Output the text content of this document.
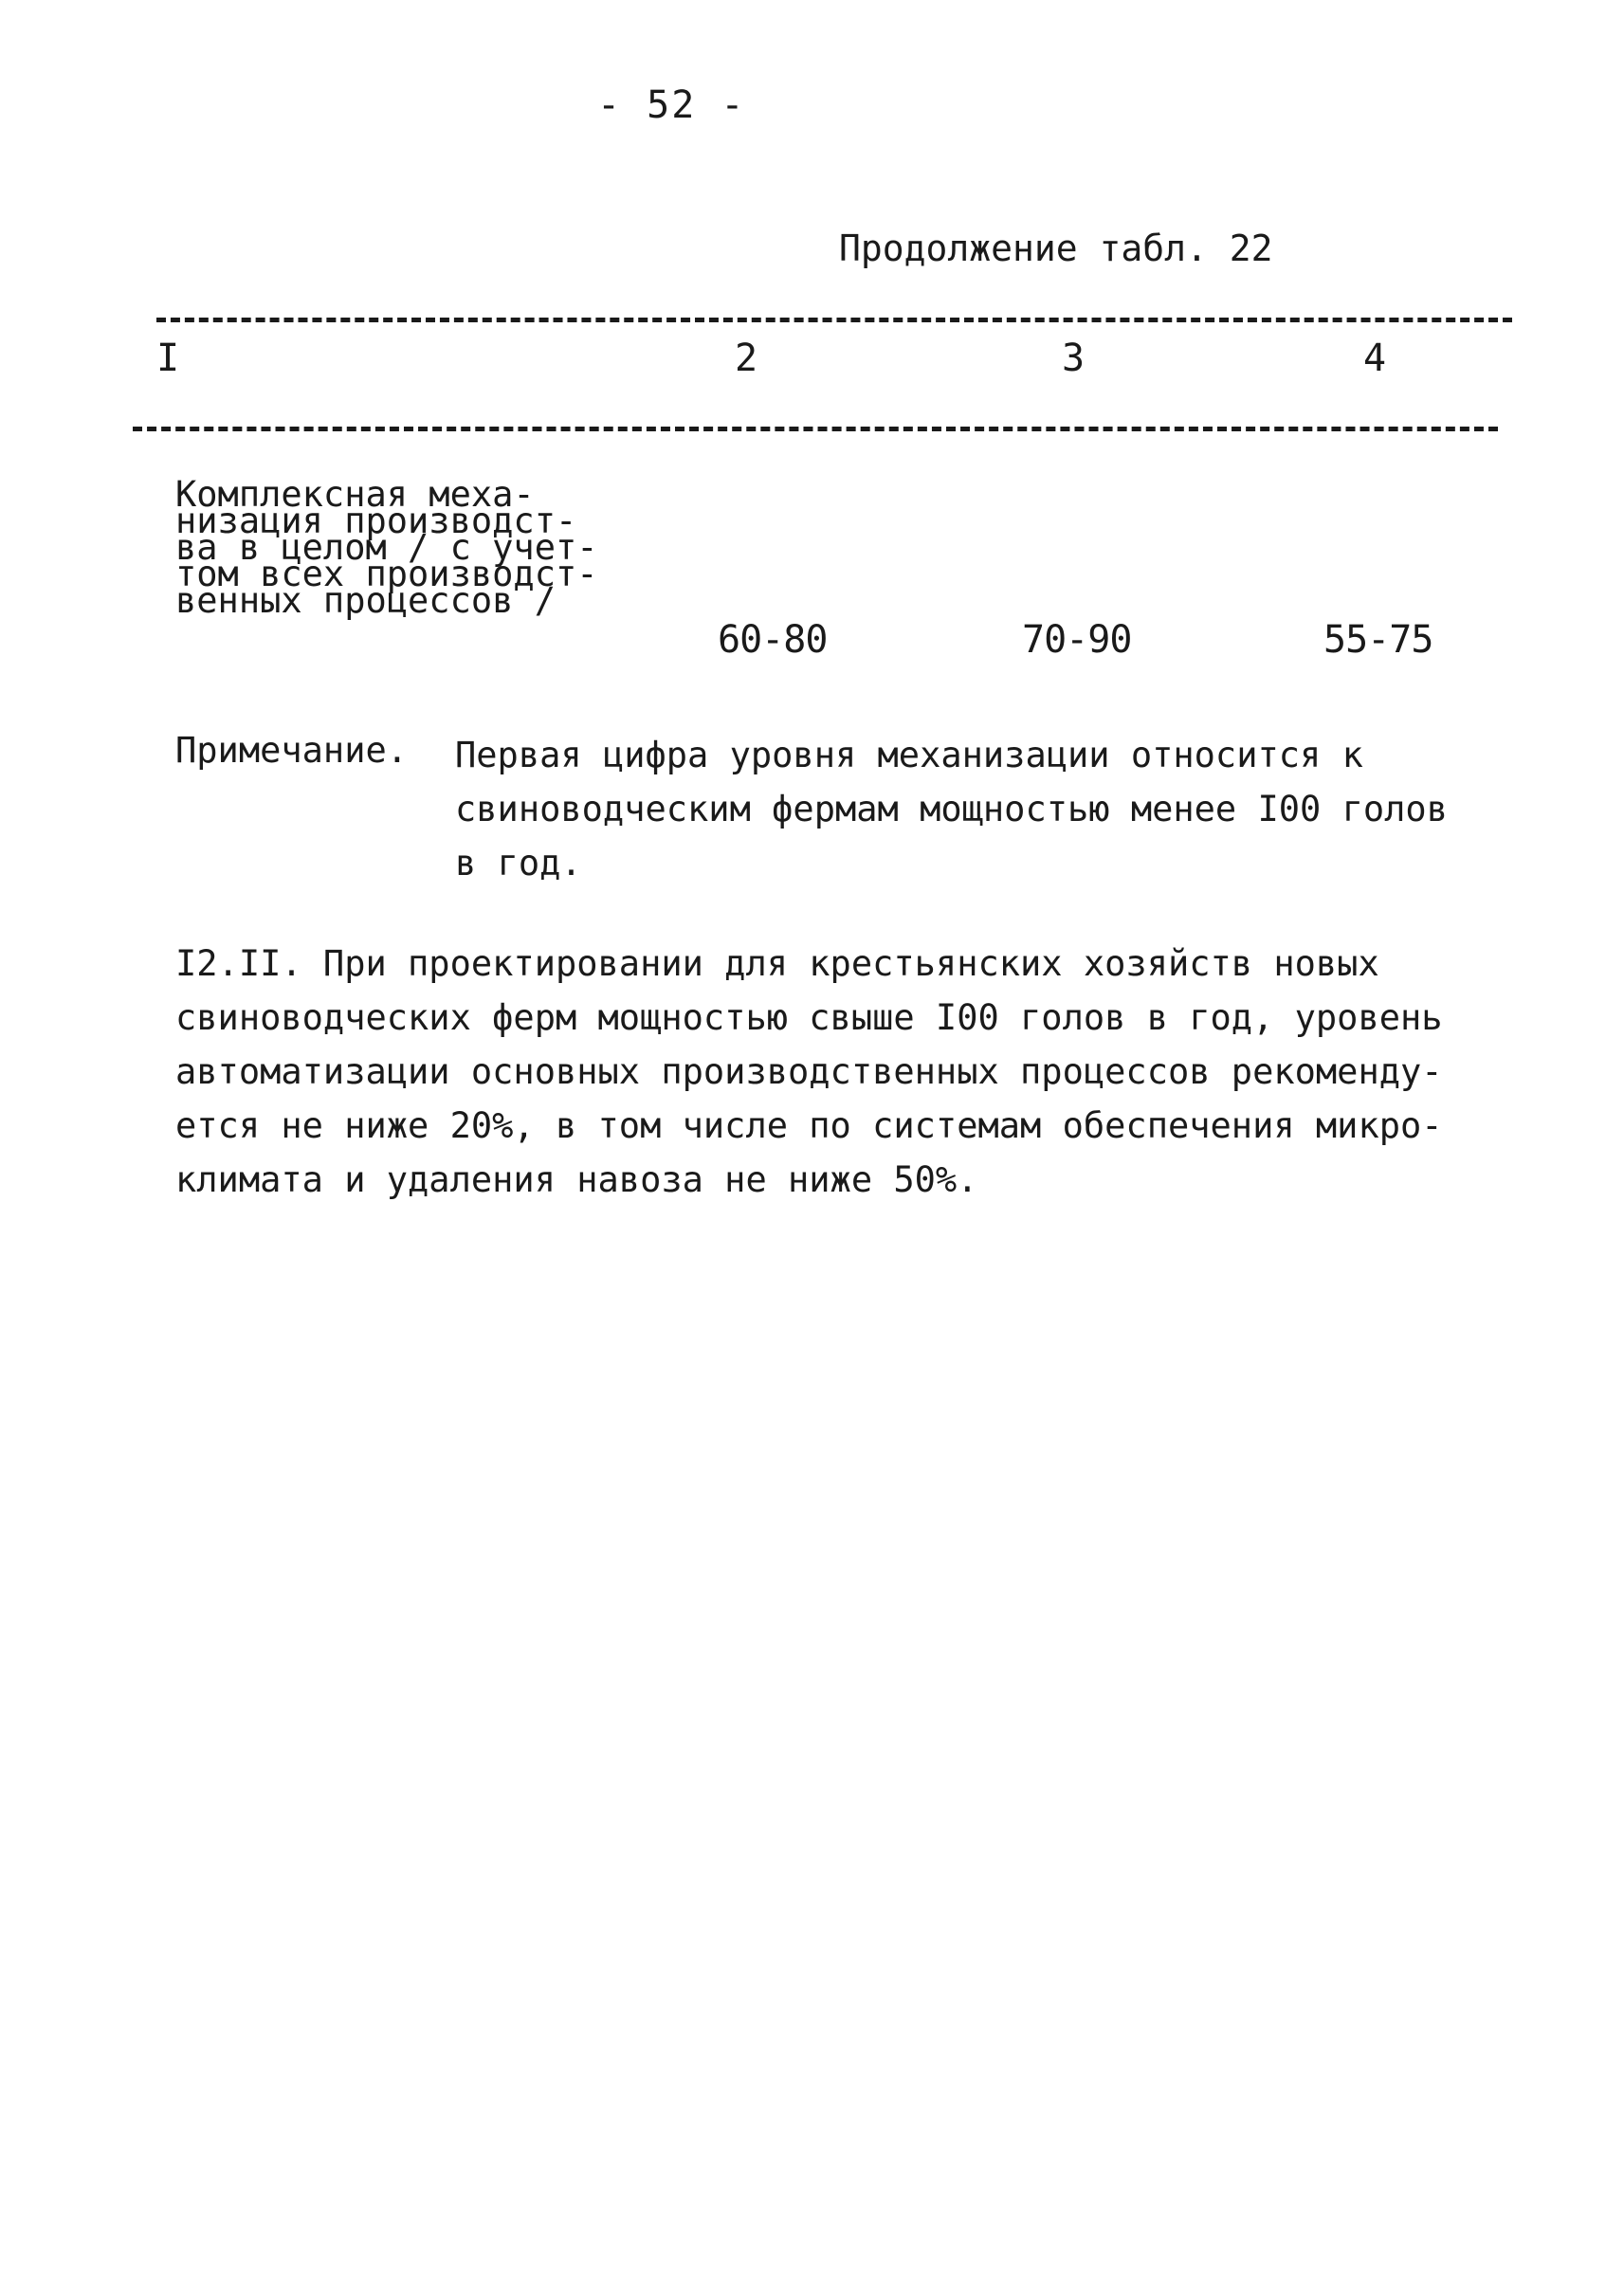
- 52 -
Продолжение табл. 22
I	2	3	4
Комплексная меха-
низация производст-
ва в целом / с учет-
том всех производст-
венных процессов /
60-80	70-90	55-75
Примечание. Первая цифра уровня механизации относится к
свиноводческим фермам мощностью менее I00 голов
в год.
I2.II. При проектировании для крестьянских хозяйств новых
свиноводческих ферм мощностью свыше I00 голов в год, уровень
автоматизации основных производственных процессов рекоменду-
ется не ниже 20%, в том числе по системам обеспечения микро-
климата и удаления навоза не ниже 50%.
